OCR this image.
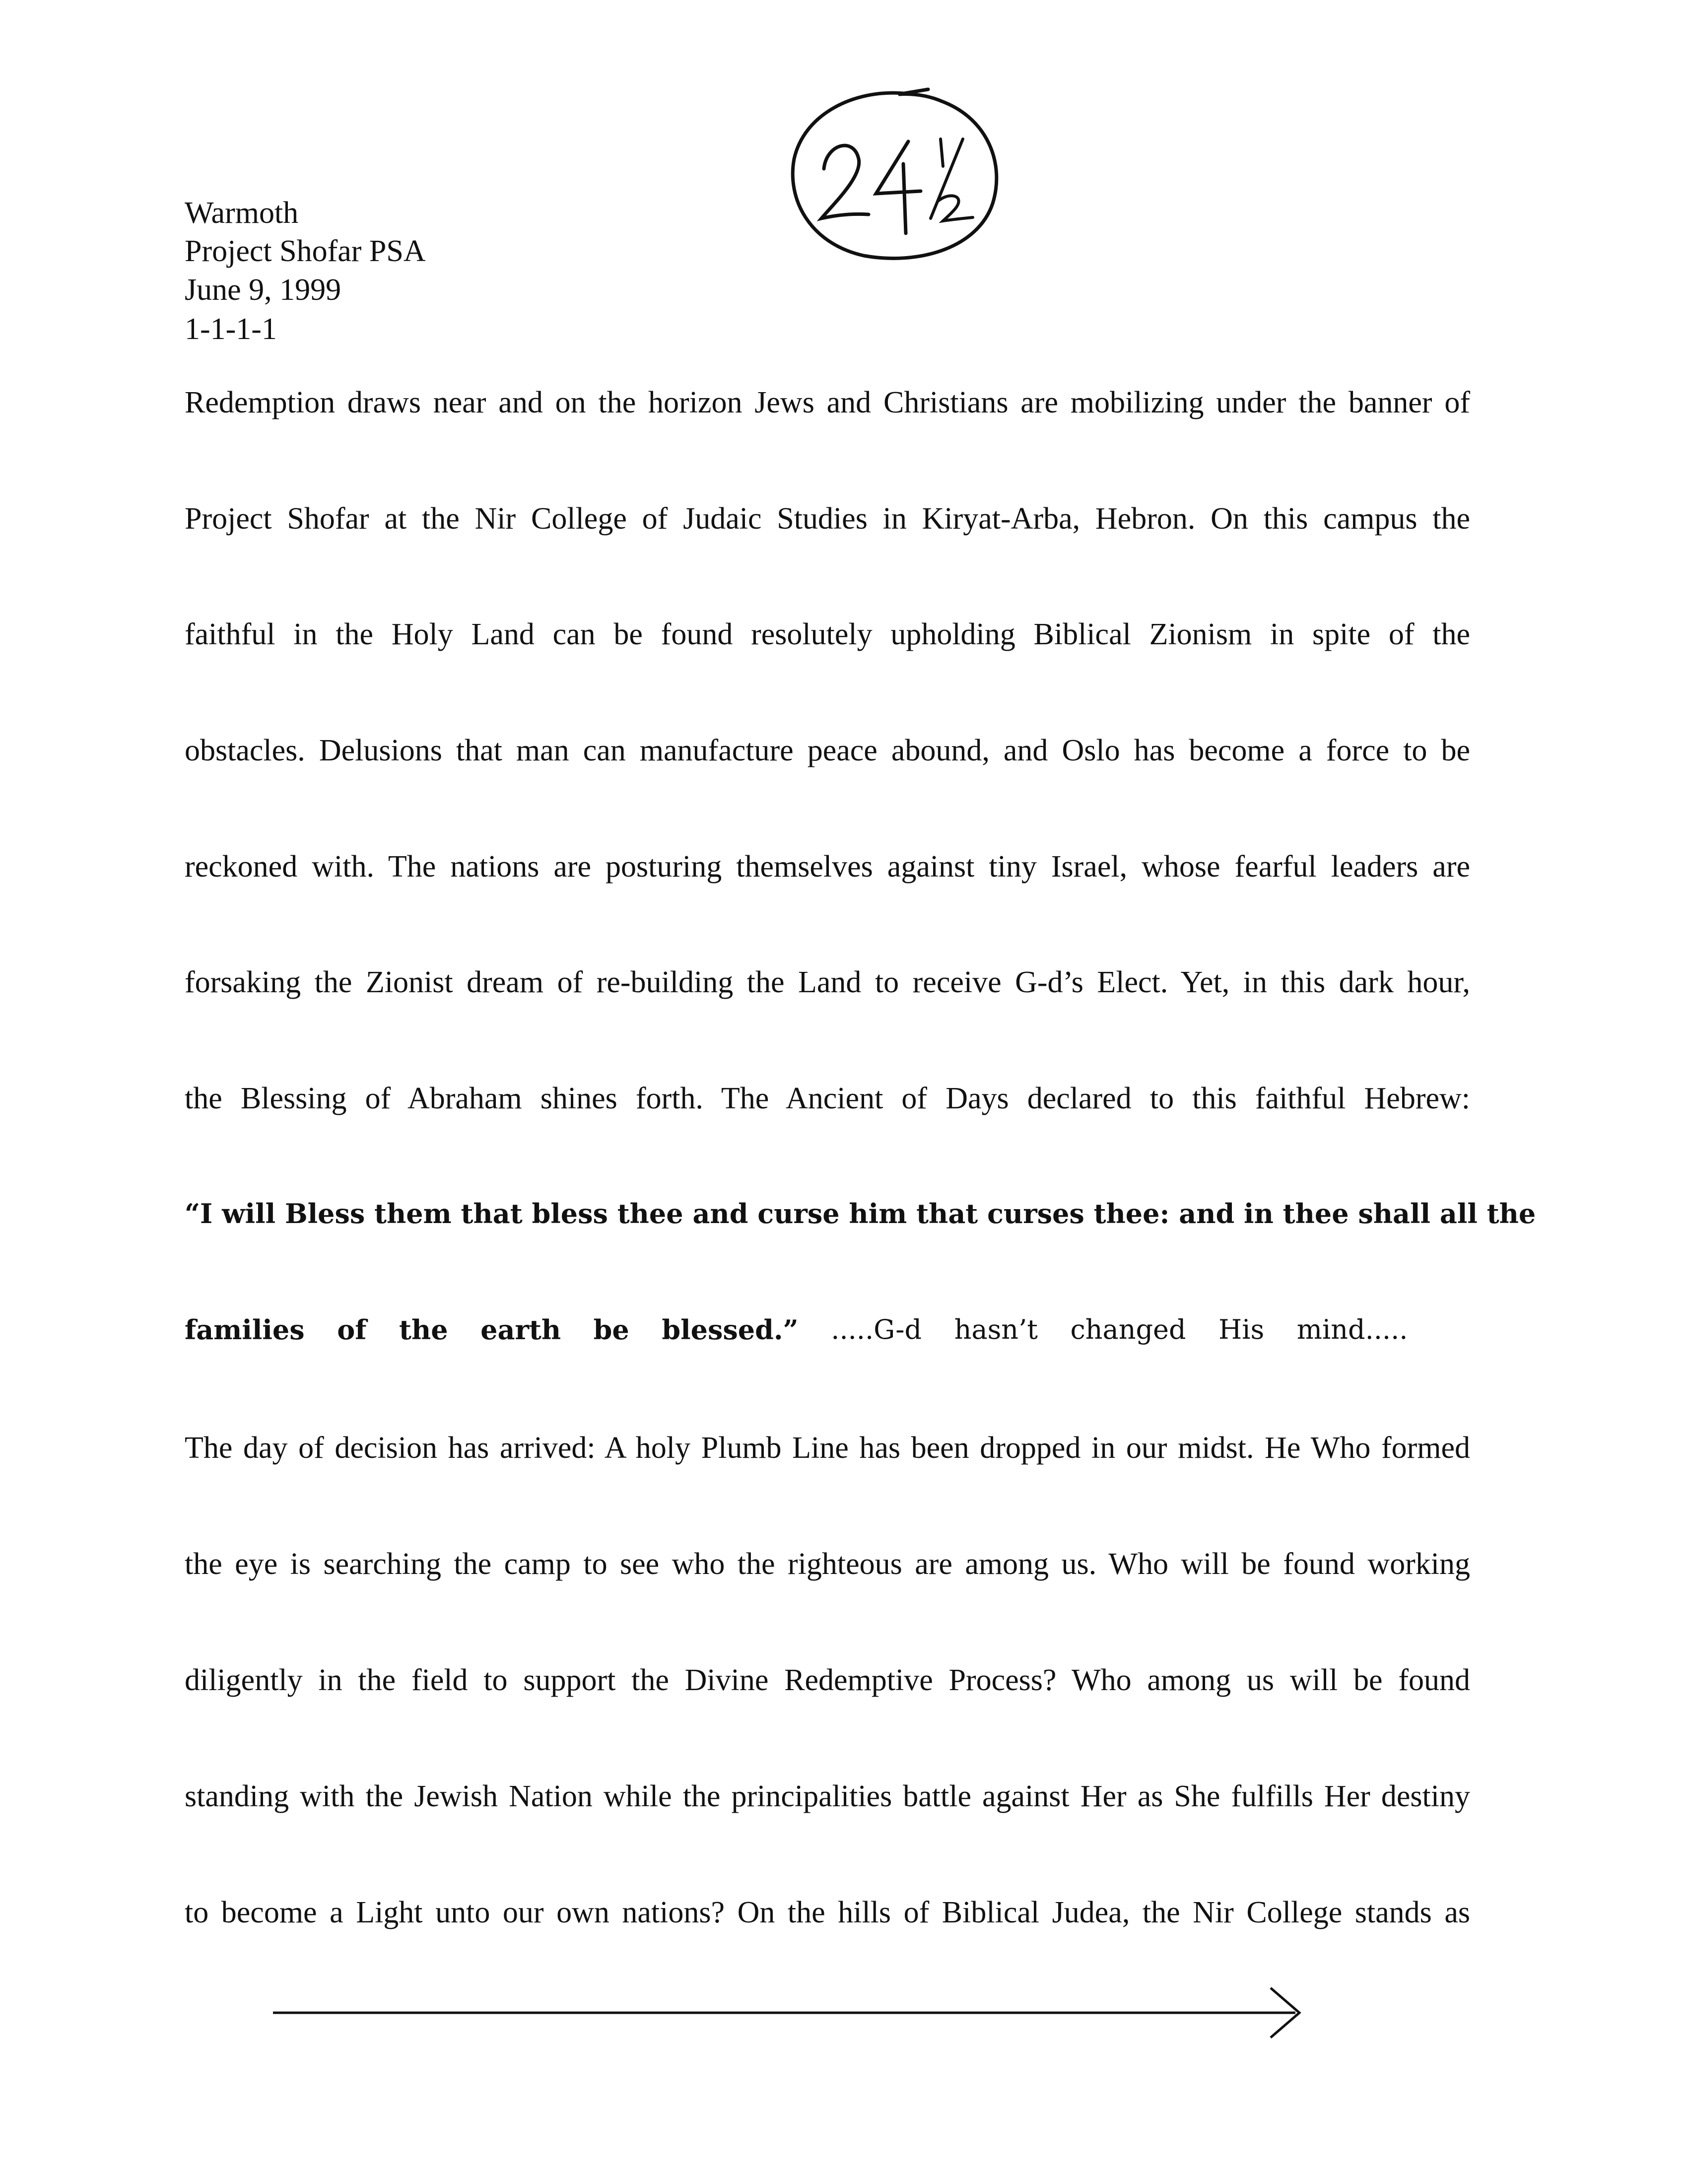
Warmoth
Project Shofar PSA
June 9, 1999
1-1-1-1
Redemption draws near and on the horizon Jews and Christians are mobilizing under the banner of
Project Shofar at the Nir College of Judaic Studies in Kiryat-Arba, Hebron. On this campus the
faithful in the Holy Land can be found resolutely upholding Biblical Zionism in spite of the
obstacles. Delusions that man can manufacture peace abound, and Oslo has become a force to be
reckoned with. The nations are posturing themselves against tiny Israel, whose fearful leaders are
forsaking the Zionist dream of re-building the Land to receive G-d’s Elect. Yet, in this dark hour,
the Blessing of Abraham shines forth. The Ancient of Days declared to this faithful Hebrew:
“I will Bless them that bless thee and curse him that curses thee: and in thee shall all the
families of the earth be blessed.” .....G-d hasn’t changed His mind.....
The day of decision has arrived: A holy Plumb Line has been dropped in our midst. He Who formed
the eye is searching the camp to see who the righteous are among us. Who will be found working
diligently in the field to support the Divine Redemptive Process? Who among us will be found
standing with the Jewish Nation while the principalities battle against Her as She fulfills Her destiny
to become a Light unto our own nations? On the hills of Biblical Judea, the Nir College stands as
